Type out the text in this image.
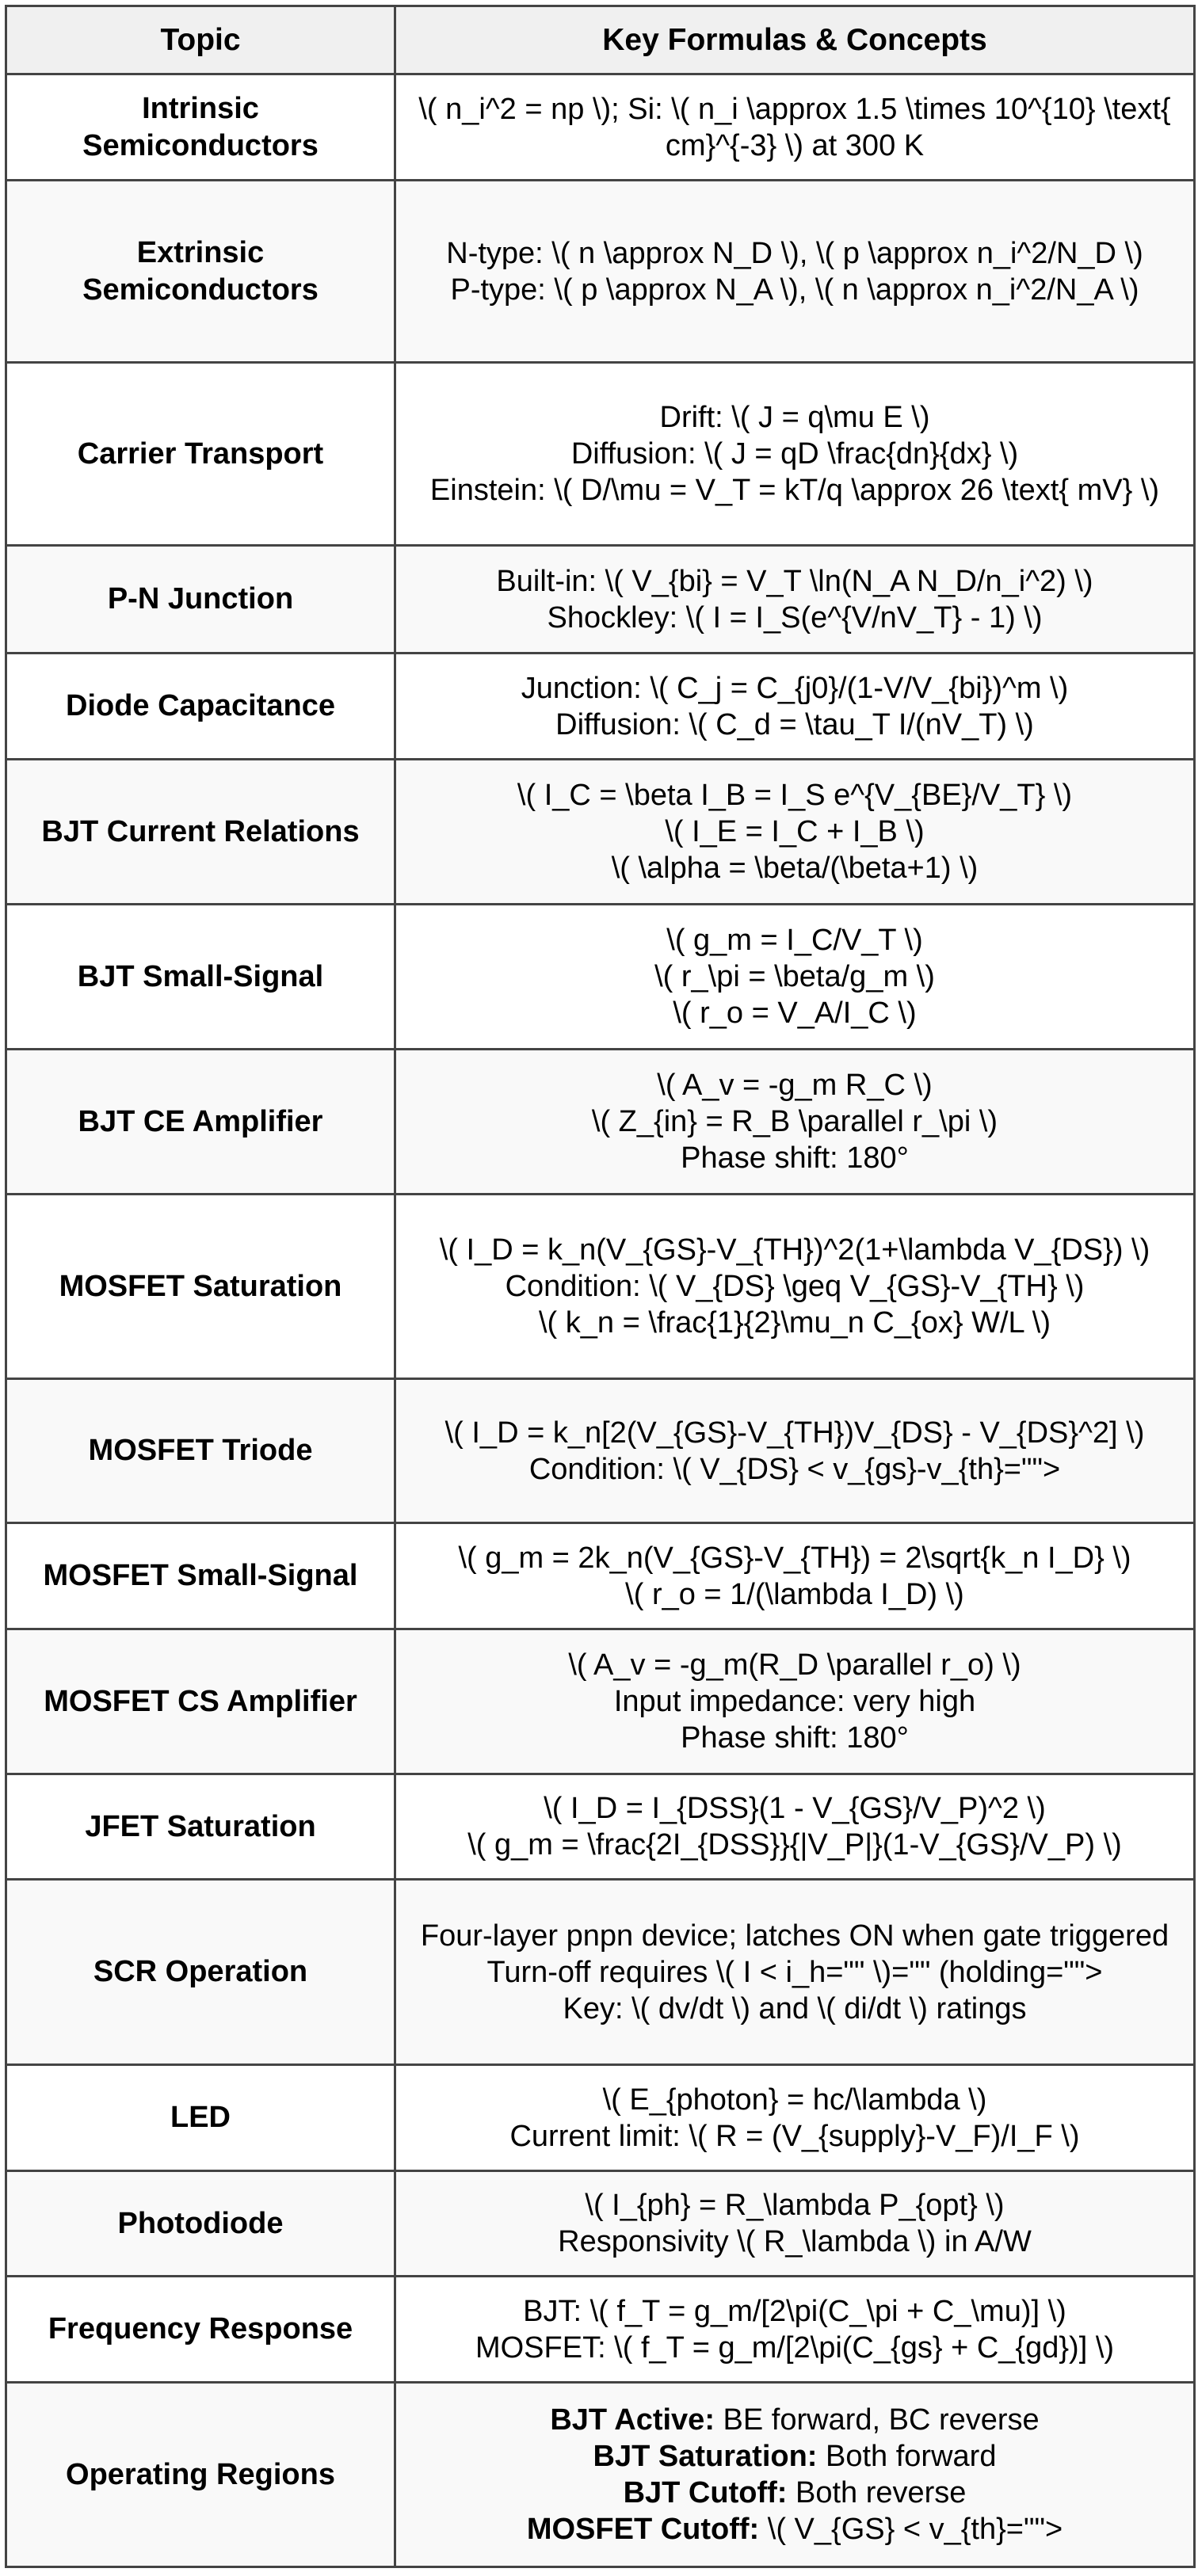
Topic	Key Formulas & Concepts
Intrinsic Semiconductors	\( n_i^2 = np \); Si: \( n_i \approx 1.5 \times 10^{10} \text{ cm}^{-3} \) at 300 K

Extrinsic Semiconductors	N-type: \( n \approx N_D \), \( p \approx n_i^2/N_D \)
P-type: \( p \approx N_A \), \( n \approx n_i^2/N_A \)

Carrier Transport	Drift: \( J = q\mu E \)
Diffusion: \( J = qD \frac{dn}{dx} \)
Einstein: \( D/\mu = V_T = kT/q \approx 26 \text{ mV} \)

P-N Junction	Built-in: \( V_{bi} = V_T \ln(N_A N_D/n_i^2) \)
Shockley: \( I = I_S(e^{V/nV_T} - 1) \)

Diode Capacitance	Junction: \( C_j = C_{j0}/(1-V/V_{bi})^m \)
Diffusion: \( C_d = \tau_T I/(nV_T) \)

BJT Current Relations	\( I_C = \beta I_B = I_S e^{V_{BE}/V_T} \)
\( I_E = I_C + I_B \)
\( \alpha = \beta/(\beta+1) \)

BJT Small-Signal	\( g_m = I_C/V_T \)
\( r_\pi = \beta/g_m \)
\( r_o = V_A/I_C \)

BJT CE Amplifier	\( A_v = -g_m R_C \)
\( Z_{in} = R_B \parallel r_\pi \)
Phase shift: 180°

MOSFET Saturation	\( I_D = k_n(V_{GS}-V_{TH})^2(1+\lambda V_{DS}) \)
Condition: \( V_{DS} \geq V_{GS}-V_{TH} \)
\( k_n = \frac{1}{2}\mu_n C_{ox} W/L \)

MOSFET Triode	\( I_D = k_n[2(V_{GS}-V_{TH})V_{DS} - V_{DS}^2] \)
Condition: \( V_{DS} < v_{gs}-v_{th}="">

MOSFET Small-Signal	\( g_m = 2k_n(V_{GS}-V_{TH}) = 2\sqrt{k_n I_D} \)
\( r_o = 1/(\lambda I_D) \)

MOSFET CS Amplifier	\( A_v = -g_m(R_D \parallel r_o) \)
Input impedance: very high
Phase shift: 180°

JFET Saturation	\( I_D = I_{DSS}(1 - V_{GS}/V_P)^2 \)
\( g_m = \frac{2I_{DSS}}{|V_P|}(1-V_{GS}/V_P) \)

SCR Operation	Four-layer pnpn device; latches ON when gate triggered
Turn-off requires \( I < i_h="" \)="" (holding="">
Key: \( dv/dt \) and \( di/dt \) ratings

LED	\( E_{photon} = hc/\lambda \)
Current limit: \( R = (V_{supply}-V_F)/I_F \)

Photodiode	\( I_{ph} = R_\lambda P_{opt} \)
Responsivity \( R_\lambda \) in A/W

Frequency Response	BJT: \( f_T = g_m/[2\pi(C_\pi + C_\mu)] \)
MOSFET: \( f_T = g_m/[2\pi(C_{gs} + C_{gd})] \)

Operating Regions	BJT Active: BE forward, BC reverse
BJT Saturation: Both forward
BJT Cutoff: Both reverse
MOSFET Cutoff: \( V_{GS} < v_{th}="">
